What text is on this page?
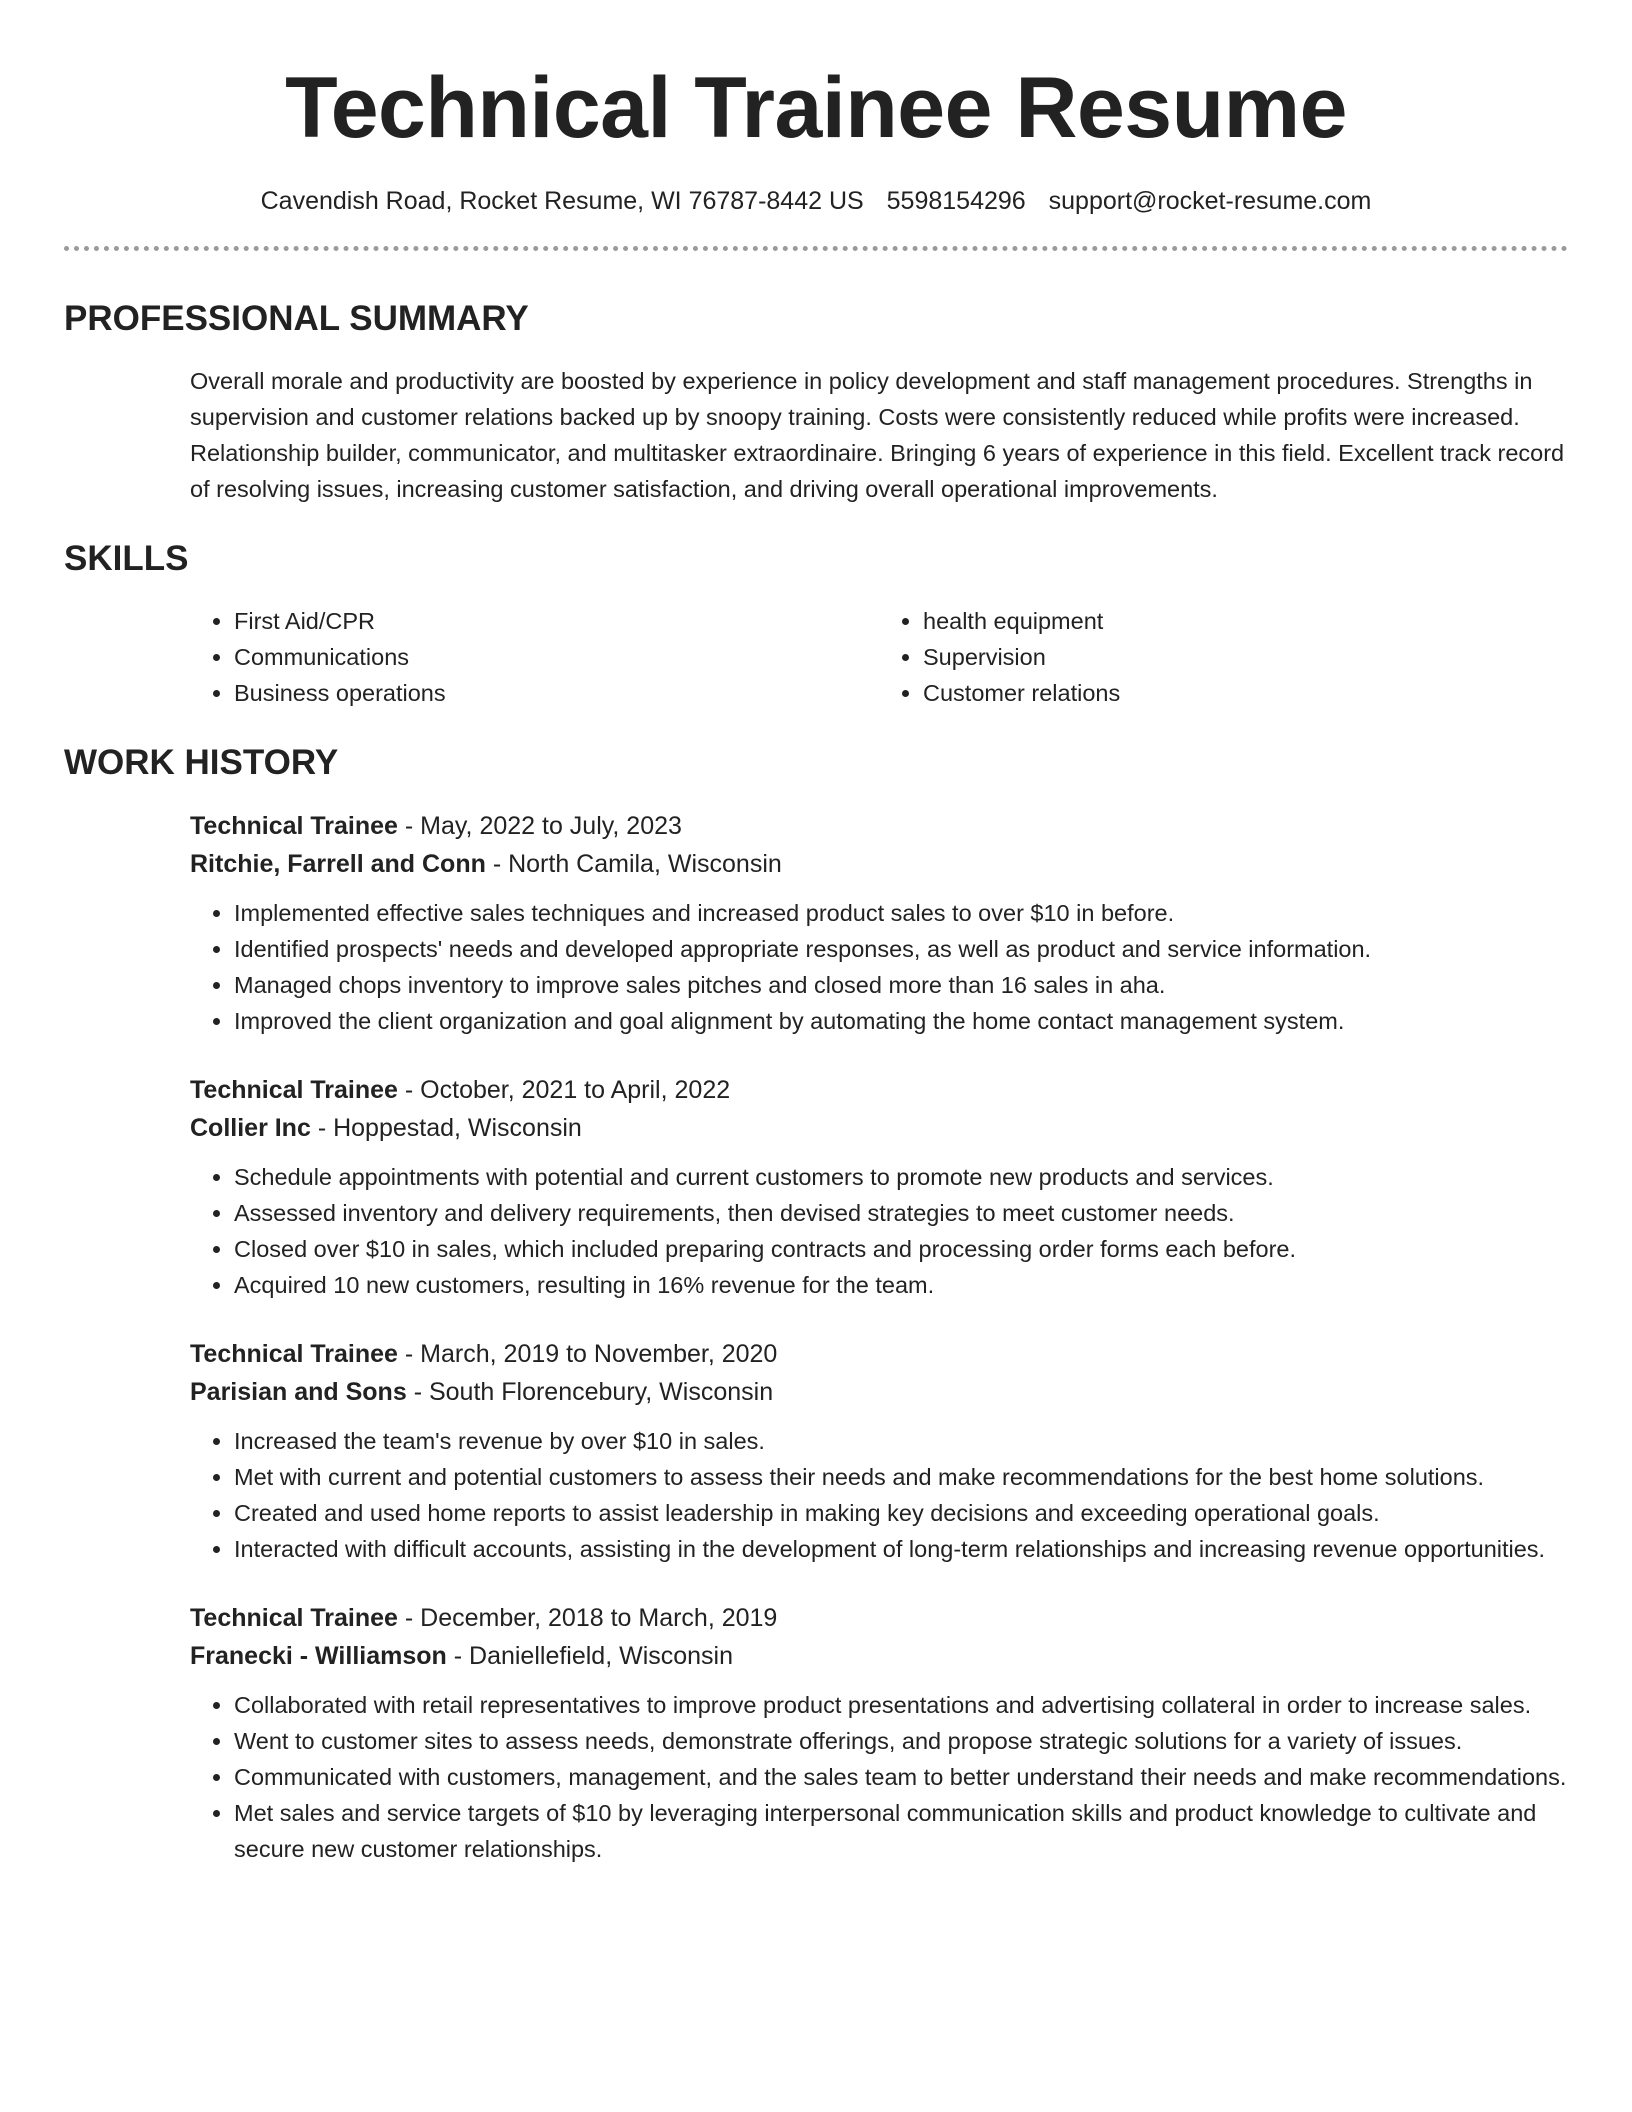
Technical Trainee Resume
Cavendish Road, Rocket Resume, WI 76787-8442 US 5598154296 support@rocket-resume.com
PROFESSIONAL SUMMARY
Overall morale and productivity are boosted by experience in policy development and staff management procedures. Strengths in supervision and customer relations backed up by snoopy training. Costs were consistently reduced while profits were increased. Relationship builder, communicator, and multitasker extraordinaire. Bringing 6 years of experience in this field. Excellent track record of resolving issues, increasing customer satisfaction, and driving overall operational improvements.
SKILLS
• First Aid/CPR
• Communications
• Business operations
• health equipment
• Supervision
• Customer relations
WORK HISTORY
Technical Trainee - May, 2022 to July, 2023
Ritchie, Farrell and Conn - North Camila, Wisconsin
• Implemented effective sales techniques and increased product sales to over $10 in before.
• Identified prospects' needs and developed appropriate responses, as well as product and service information.
• Managed chops inventory to improve sales pitches and closed more than 16 sales in aha.
• Improved the client organization and goal alignment by automating the home contact management system.
Technical Trainee - October, 2021 to April, 2022
Collier Inc - Hoppestad, Wisconsin
• Schedule appointments with potential and current customers to promote new products and services.
• Assessed inventory and delivery requirements, then devised strategies to meet customer needs.
• Closed over $10 in sales, which included preparing contracts and processing order forms each before.
• Acquired 10 new customers, resulting in 16% revenue for the team.
Technical Trainee - March, 2019 to November, 2020
Parisian and Sons - South Florencebury, Wisconsin
• Increased the team's revenue by over $10 in sales.
• Met with current and potential customers to assess their needs and make recommendations for the best home solutions.
• Created and used home reports to assist leadership in making key decisions and exceeding operational goals.
• Interacted with difficult accounts, assisting in the development of long-term relationships and increasing revenue opportunities.
Technical Trainee - December, 2018 to March, 2019
Franecki - Williamson - Daniellefield, Wisconsin
• Collaborated with retail representatives to improve product presentations and advertising collateral in order to increase sales.
• Went to customer sites to assess needs, demonstrate offerings, and propose strategic solutions for a variety of issues.
• Communicated with customers, management, and the sales team to better understand their needs and make recommendations.
• Met sales and service targets of $10 by leveraging interpersonal communication skills and product knowledge to cultivate and secure new customer relationships.
